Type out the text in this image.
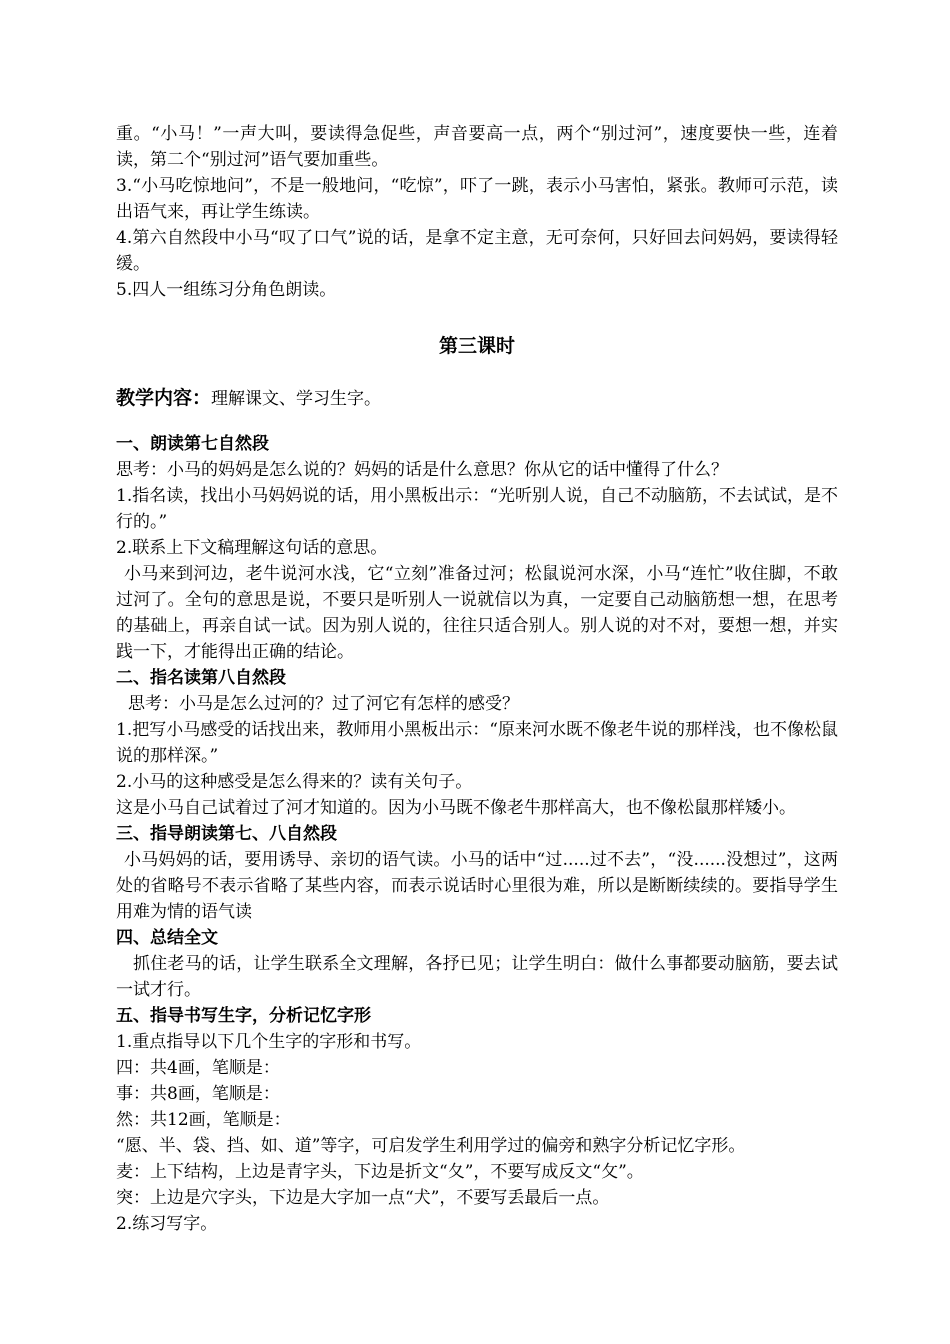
重。“小马！”一声大叫，要读得急促些，声音要高一点，两个“别过河”，速度要快一些，连着读，第二个“别过河”语气要加重些。

3.“小马吃惊地问”，不是一般地问，“吃惊”，吓了一跳，表示小马害怕，紧张。教师可示范，读出语气来，再让学生练读。

4.第六自然段中小马“叹了口气”说的话，是拿不定主意，无可奈何，只好回去问妈妈，要读得轻缓。

5.四人一组练习分角色朗读。

第三课时
教学内容：理解课文、学习生字。

一、朗读第七自然段

思考：小马的妈妈是怎么说的？妈妈的话是什么意思？你从它的话中懂得了什么？

1.指名读，找出小马妈妈说的话，用小黑板出示：“光听别人说，自己不动脑筋，不去试试，是不行的。”

2.联系上下文稿理解这句话的意思。

小马来到河边，老牛说河水浅，它“立刻”准备过河；松鼠说河水深，小马“连忙”收住脚，不敢过河了。全句的意思是说，不要只是听别人一说就信以为真，一定要自己动脑筋想一想，在思考的基础上，再亲自试一试。因为别人说的，往往只适合别人。别人说的对不对，要想一想，并实践一下，才能得出正确的结论。

二、指名读第八自然段

思考：小马是怎么过河的？过了河它有怎样的感受？

1.把写小马感受的话找出来，教师用小黑板出示：“原来河水既不像老牛说的那样浅，也不像松鼠说的那样深。”

2.小马的这种感受是怎么得来的？读有关句子。

这是小马自己试着过了河才知道的。因为小马既不像老牛那样高大，也不像松鼠那样矮小。

三、指导朗读第七、八自然段

小马妈妈的话，要用诱导、亲切的语气读。小马的话中“过.....过不去”，“没......没想过”，这两处的省略号不表示省略了某些内容，而表示说话时心里很为难，所以是断断续续的。要指导学生用难为情的语气读

四、总结全文

抓住老马的话，让学生联系全文理解，各抒已见；让学生明白：做什么事都要动脑筋，要去试一试才行。

五、指导书写生字，分析记忆字形

1.重点指导以下几个生字的字形和书写。

四：共4画，笔顺是：

事：共8画，笔顺是：

然：共12画，笔顺是：

“愿、半、袋、挡、如、道”等字，可启发学生利用学过的偏旁和熟字分析记忆字形。

麦：上下结构，上边是青字头，下边是折文“夂”，不要写成反文“攵”。

突：上边是穴字头，下边是大字加一点“犬”，不要写丢最后一点。

2.练习写字。
